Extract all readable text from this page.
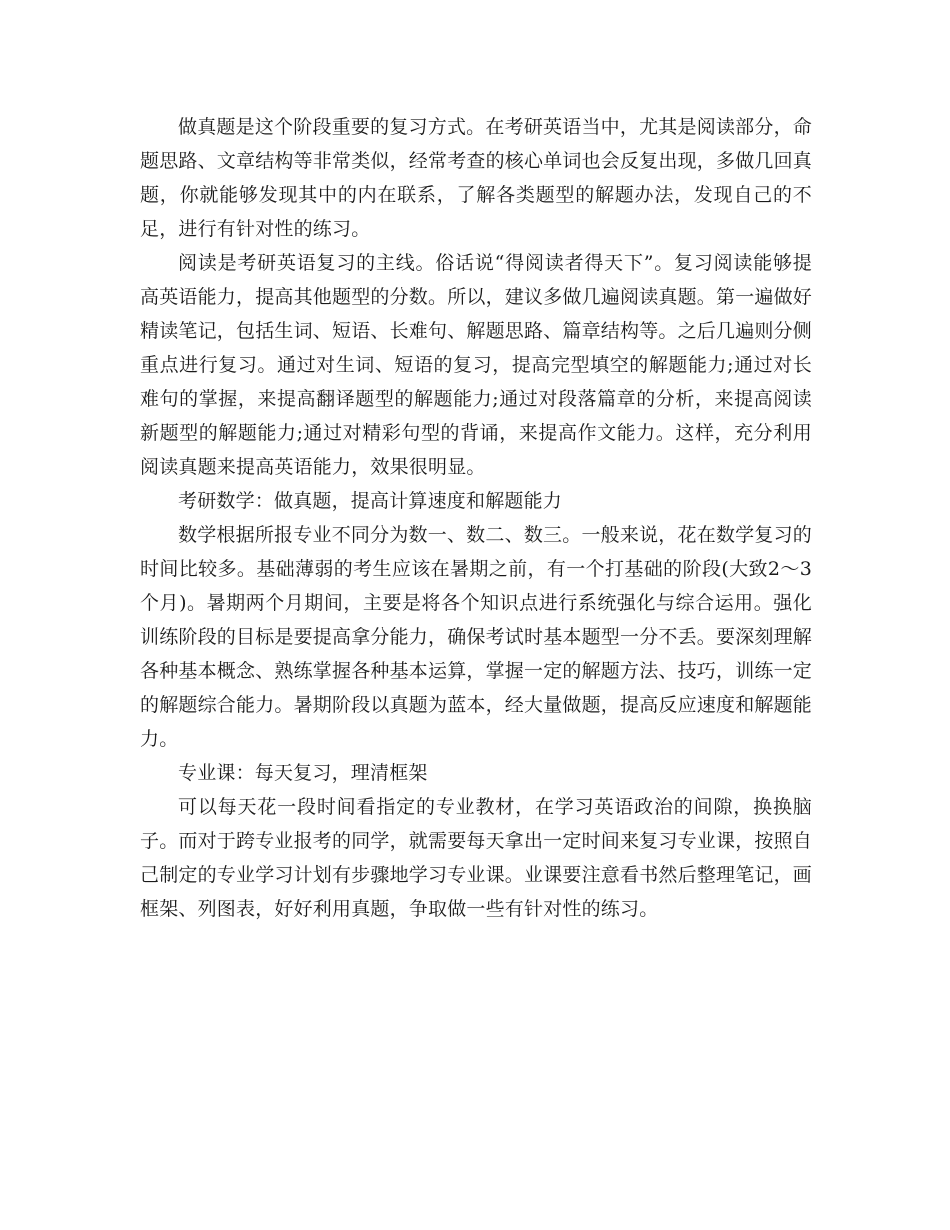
做真题是这个阶段重要的复习方式。在考研英语当中，尤其是阅读部分，命题思路、文章结构等非常类似，经常考查的核心单词也会反复出现，多做几回真题，你就能够发现其中的内在联系，了解各类题型的解题办法，发现自己的不足，进行有针对性的练习。

阅读是考研英语复习的主线。俗话说“得阅读者得天下”。复习阅读能够提高英语能力，提高其他题型的分数。所以，建议多做几遍阅读真题。第一遍做好精读笔记，包括生词、短语、长难句、解题思路、篇章结构等。之后几遍则分侧重点进行复习。通过对生词、短语的复习，提高完型填空的解题能力;通过对长难句的掌握，来提高翻译题型的解题能力;通过对段落篇章的分析，来提高阅读新题型的解题能力;通过对精彩句型的背诵，来提高作文能力。这样，充分利用阅读真题来提高英语能力，效果很明显。

考研数学：做真题，提高计算速度和解题能力

数学根据所报专业不同分为数一、数二、数三。一般来说，花在数学复习的时间比较多。基础薄弱的考生应该在暑期之前，有一个打基础的阶段(大致2～3个月)。暑期两个月期间，主要是将各个知识点进行系统强化与综合运用。强化训练阶段的目标是要提高拿分能力，确保考试时基本题型一分不丢。要深刻理解各种基本概念、熟练掌握各种基本运算，掌握一定的解题方法、技巧，训练一定的解题综合能力。暑期阶段以真题为蓝本，经大量做题，提高反应速度和解题能力。

专业课：每天复习，理清框架

可以每天花一段时间看指定的专业教材，在学习英语政治的间隙，换换脑子。而对于跨专业报考的同学，就需要每天拿出一定时间来复习专业课，按照自己制定的专业学习计划有步骤地学习专业课。业课要注意看书然后整理笔记，画框架、列图表，好好利用真题，争取做一些有针对性的练习。
